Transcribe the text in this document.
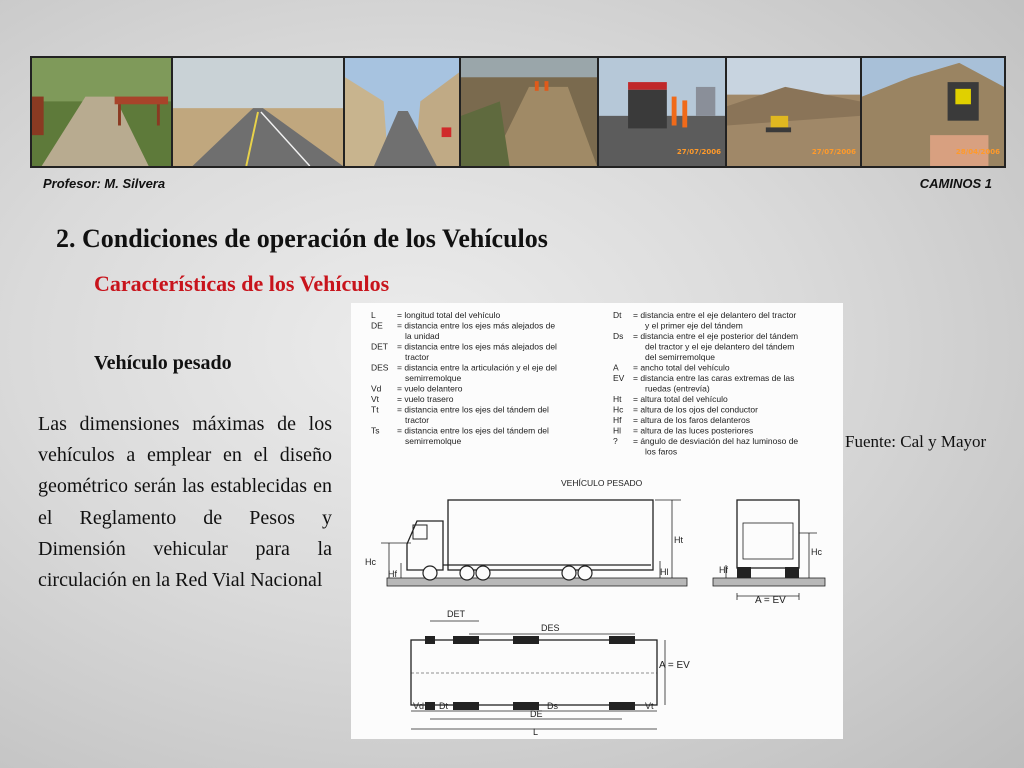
27/07/2006	27/07/2006	28/04/2006
Profesor: M. Silvera	CAMINOS 1
2. Condiciones de operación de los Vehículos
Características de los Vehículos
Vehículo pesado
Las dimensiones máximas de los vehículos a emplear en el diseño geométrico serán las establecidas en el Reglamento de Pesos y Dimensión vehicular para la circulación en la Red Vial Nacional
Fuente: Cal y Mayor
L	= longitud total del vehículo
DE = distancia entre los ejes más alejados de
la unidad
DET = distancia entre los ejes más alejados del
tractor
DES = distancia entre la articulación y el eje del
semirremolque
Vd = vuelo delantero
Vt = vuelo trasero
Tt = distancia entre los ejes del tándem del
tractor
Ts = distancia entre los ejes del tándem del
semirremolque
Dt = distancia entre el eje delantero del tractor
y el primer eje del tándem
Ds = distancia entre el eje posterior del tándem
del tractor y el eje delantero del tándem
del semirremolque
A = ancho total del vehículo
EV = distancia entre las caras extremas de las
ruedas (entrevía)
Ht = altura total del vehículo
Hc = altura de los ojos del conductor
Hf = altura de los faros delanteros
Hl = altura de las luces posteriores
? = ángulo de desviación del haz luminoso de
los faros
VEHÍCULO PESADO
Hc
Hf
Ht
Hl
Hc
Hf
A = EV
DET
DES
A = EV
Vd Dt	Tt	Ds	Ts Vt
DE
L
